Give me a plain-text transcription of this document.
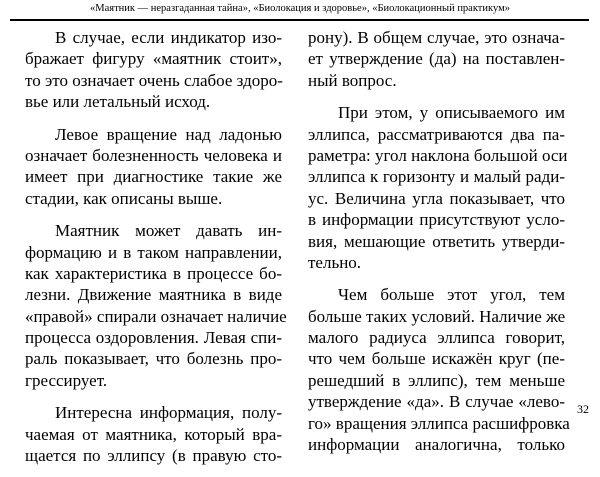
«Маятник — неразгаданная тайна», «Биолокация и здоровье», «Биолокационный практикум»

В случае, если индикатор изо-
бражает фигуру «маятник стоит»,
то это означает очень слабое здоро-
вье или летальный исход.

Левое вращение над ладонью
означает болезненность человека и
имеет при диагностике такие же
стадии, как описаны выше.

Маятник может давать ин-
формацию и в таком направлении,
как характеристика в процессе бо-
лезни. Движение маятника в виде
«правой» спирали означает наличие
процесса оздоровления. Левая спи-
раль показывает, что болезнь про-
грессирует.

Интересна информация, полу-
чаемая от маятника, который вра-
щается по эллипсу (в правую сто-

рону). В общем случае, это означа-
ет утверждение (да) на поставлен-
ный вопрос.

При этом, у описываемого им
эллипса, рассматриваются два па-
раметра: угол наклона большой оси
эллипса к горизонту и малый ради-
ус. Величина угла показывает, что
в информации присутствуют усло-
вия, мешающие ответить утверди-
тельно.

Чем больше этот угол, тем
больше таких условий. Наличие же
малого радиуса эллипса говорит,
что чем больше искажён круг (пе-
решедший в эллипс), тем меньше
утверждение «да». В случае «лево-
го» вращения эллипса расшифровка
информации аналогична, только

32
